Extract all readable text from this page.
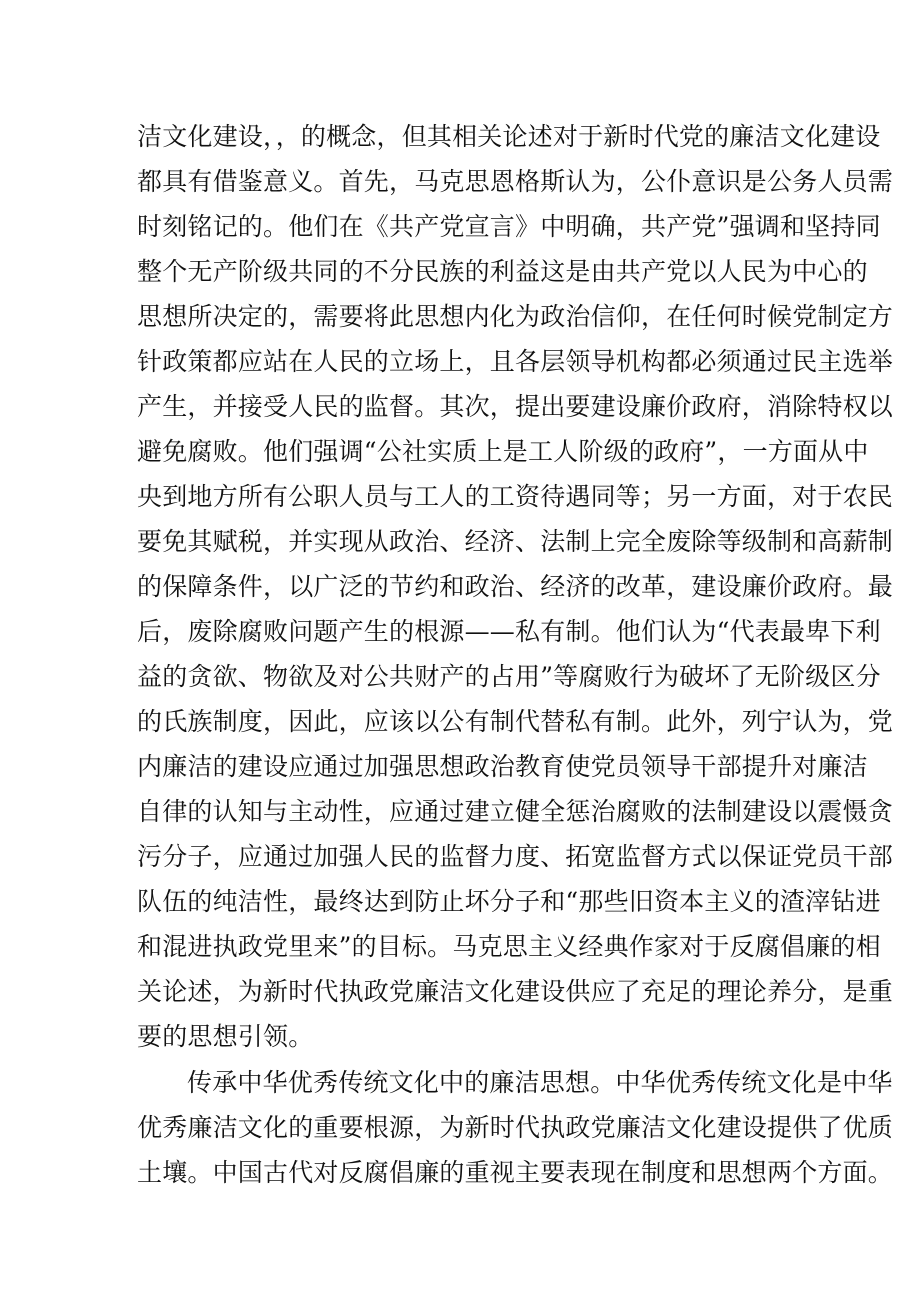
洁文化建设，，的概念，但其相关论述对于新时代党的廉洁文化建设
都具有借鉴意义。首先，马克思恩格斯认为，公仆意识是公务人员需
时刻铭记的。他们在《共产党宣言》中明确，共产党”强调和坚持同
整个无产阶级共同的不分民族的利益这是由共产党以人民为中心的
思想所决定的，需要将此思想内化为政治信仰，在任何时候党制定方
针政策都应站在人民的立场上，且各层领导机构都必须通过民主选举
产生，并接受人民的监督。其次，提出要建设廉价政府，消除特权以
避免腐败。他们强调“公社实质上是工人阶级的政府”，一方面从中
央到地方所有公职人员与工人的工资待遇同等；另一方面，对于农民
要免其赋税，并实现从政治、经济、法制上完全废除等级制和高薪制
的保障条件，以广泛的节约和政治、经济的改革，建设廉价政府。最
后，废除腐败问题产生的根源——私有制。他们认为“代表最卑下利
益的贪欲、物欲及对公共财产的占用”等腐败行为破坏了无阶级区分
的氏族制度，因此，应该以公有制代替私有制。此外，列宁认为，党
内廉洁的建设应通过加强思想政治教育使党员领导干部提升对廉洁
自律的认知与主动性，应通过建立健全惩治腐败的法制建设以震慑贪
污分子，应通过加强人民的监督力度、拓宽监督方式以保证党员干部
队伍的纯洁性，最终达到防止坏分子和“那些旧资本主义的渣滓钻进
和混进执政党里来”的目标。马克思主义经典作家对于反腐倡廉的相
关论述，为新时代执政党廉洁文化建设供应了充足的理论养分，是重
要的思想引领。
传承中华优秀传统文化中的廉洁思想。中华优秀传统文化是中华
优秀廉洁文化的重要根源，为新时代执政党廉洁文化建设提供了优质
土壤。中国古代对反腐倡廉的重视主要表现在制度和思想两个方面。
